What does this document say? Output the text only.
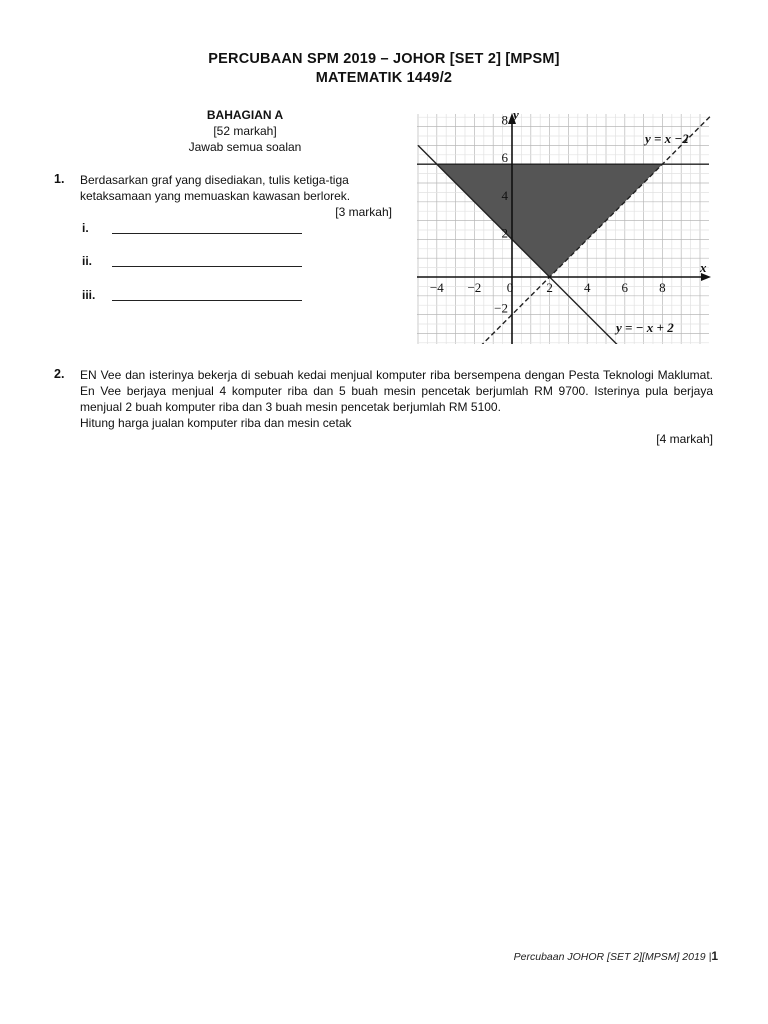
PERCUBAAN SPM 2019 – JOHOR [SET 2] [MPSM]
MATEMATIK 1449/2
BAHAGIAN A
[52 markah]
Jawab semua soalan
1. Berdasarkan graf yang disediakan, tulis ketiga-tiga ketaksamaan yang memuaskan kawasan berlorek.
[3 markah]
i.
ii.
iii.	−4 −2 0	2 4 6 8
8
6
4
2
−2
x
y
y = x −2
y = − x + 2
2. EN Vee dan isterinya bekerja di sebuah kedai menjual komputer riba bersempena dengan Pesta Teknologi Maklumat. En Vee berjaya menjual 4 komputer riba dan 5 buah mesin pencetak berjumlah RM 9700. Isterinya pula berjaya menjual 2 buah komputer riba dan 3 buah mesin pencetak berjumlah RM 5100.

Hitung harga jualan komputer riba dan mesin cetak

[4 markah]
Percubaan JOHOR [SET 2][MPSM] 2019 |1
